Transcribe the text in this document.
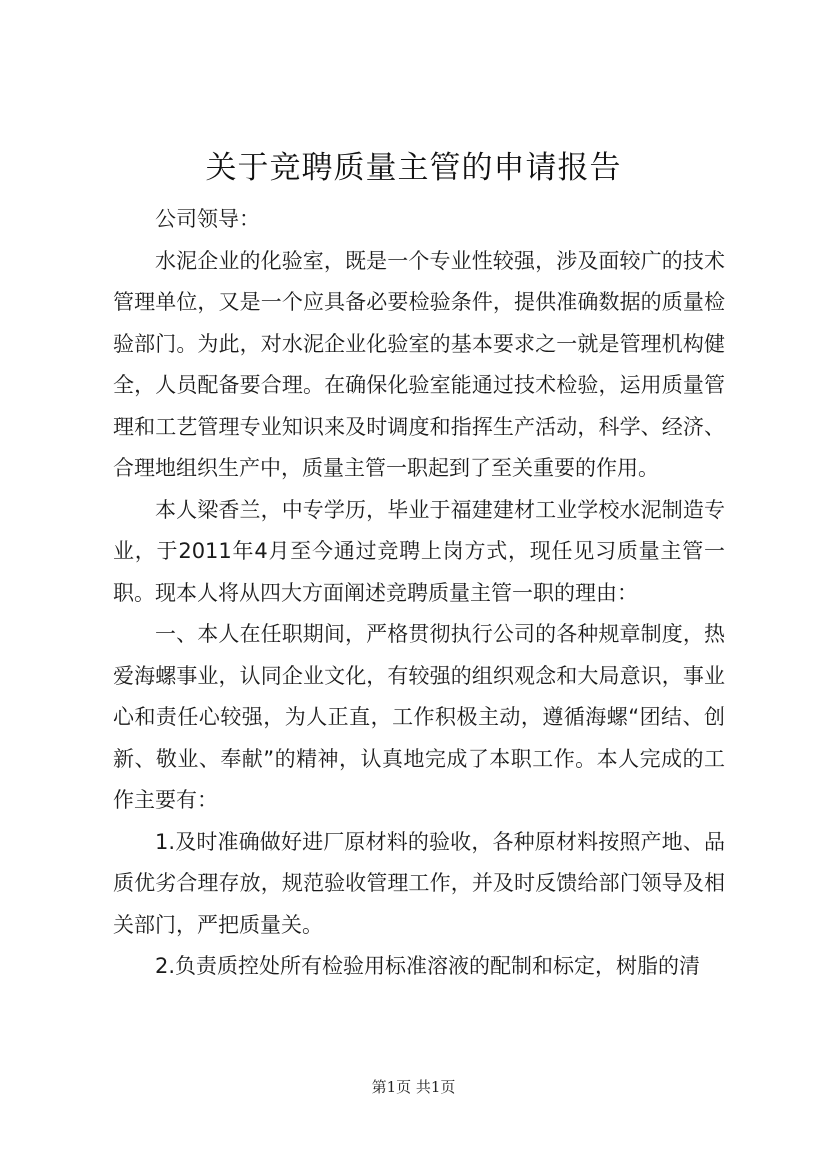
关于竞聘质量主管的申请报告

公司领导：

水泥企业的化验室，既是一个专业性较强，涉及面较广的技术管理单位，又是一个应具备必要检验条件，提供准确数据的质量检验部门。为此，对水泥企业化验室的基本要求之一就是管理机构健全，人员配备要合理。在确保化验室能通过技术检验，运用质量管理和工艺管理专业知识来及时调度和指挥生产活动，科学、经济、合理地组织生产中，质量主管一职起到了至关重要的作用。

本人梁香兰，中专学历，毕业于福建建材工业学校水泥制造专业，于2011年4月至今通过竞聘上岗方式，现任见习质量主管一职。现本人将从四大方面阐述竞聘质量主管一职的理由：

一、本人在任职期间，严格贯彻执行公司的各种规章制度，热爱海螺事业，认同企业文化，有较强的组织观念和大局意识，事业心和责任心较强，为人正直，工作积极主动，遵循海螺“团结、创新、敬业、奉献”的精神，认真地完成了本职工作。本人完成的工作主要有：

1.及时准确做好进厂原材料的验收，各种原材料按照产地、品质优劣合理存放，规范验收管理工作，并及时反馈给部门领导及相关部门，严把质量关。

2.负责质控处所有检验用标准溶液的配制和标定，树脂的清

第1页 共1页
